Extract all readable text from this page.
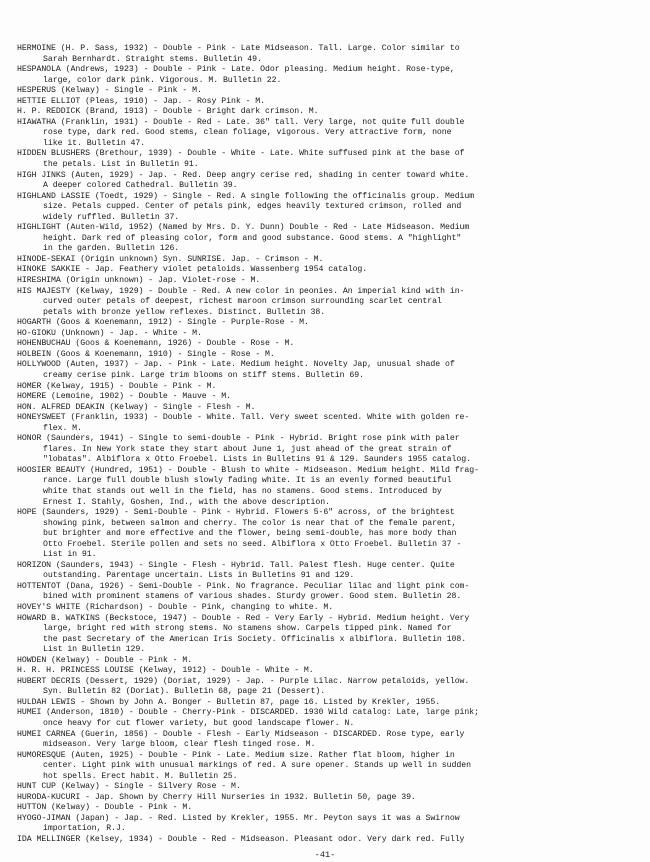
HERMOINE (H. P. Sass, 1932) - Double - Pink - Late Midseason. Tall. Large. Color similar to
Sarah Bernhardt. Straight stems. Bulletin 49.
HESPANOLA (Andrews, 1923) - Double - Pink - Late. Odor pleasing. Medium height. Rose-type,
large, color dark pink. Vigorous. M. Bulletin 22.
HESPERUS (Kelway) - Single - Pink - M.
HETTIE ELLIOT (Pleas, 1910) - Jap. - Rosy Pink - M.
H. P. REDDICK (Brand, 1913) - Double - Bright dark crimson. M.
HIAWATHA (Franklin, 1931) - Double - Red - Late. 36" tall. Very large, not quite full double
rose type, dark red. Good stems, clean foliage, vigorous. Very attractive form, none
like it. Bulletin 47.
HIDDEN BLUSHERS (Brethour, 1939) - Double - White - Late. White suffused pink at the base of
the petals. List in Bulletin 91.
HIGH JINKS (Auten, 1929) - Jap. - Red. Deep angry cerise red, shading in center toward white.
A deeper colored Cathedral. Bulletin 39.
HIGHLAND LASSIE (Toedt, 1929) - Single - Red. A single following the officinalis group. Medium
size. Petals cupped. Center of petals pink, edges heavily textured crimson, rolled and
widely ruffled. Bulletin 37.
HIGHLIGHT (Auten-Wild, 1952) (Named by Mrs. D. Y. Dunn) Double - Red - Late Midseason. Medium
height. Dark red of pleasing color, form and good substance. Good stems. A "highlight"
in the garden. Bulletin 126.
HINODE-SEKAI (Origin unknown) Syn. SUNRISE. Jap. - Crimson - M.
HINOKE SAKKIE - Jap. Feathery violet petaloids. Wassenberg 1954 catalog.
HIRESHIMA (Origin unknown) - Jap. Violet-rose - M.
HIS MAJESTY (Kelway, 1929) - Double - Red. A new color in peonies. An imperial kind with in-
curved outer petals of deepest, richest maroon crimson surrounding scarlet central
petals with bronze yellow reflexes. Distinct. Bulletin 38.
HOGARTH (Goos & Koenemann, 1912) - Single - Purple-Rose - M.
HO-GIOKU (Unknown) - Jap. - White - M.
HOHENBUCHAU (Goos & Koenemann, 1926) - Double - Rose - M.
HOLBEIN (Goos & Koenemann, 1910) - Single - Rose - M.
HOLLYWOOD (Auten, 1937) - Jap. - Pink - Late. Medium height. Novelty Jap, unusual shade of
creamy cerise pink. Large trim blooms on stiff stems. Bulletin 69.
HOMER (Kelway, 1915) - Double - Pink - M.
HOMERE (Lemoine, 1902) - Double - Mauve - M.
HON. ALFRED DEAKIN (Kelway) - Single - Flesh - M.
HONEYSWEET (Franklin, 1933) - Double - White. Tall. Very sweet scented. White with golden re-
flex. M.
HONOR (Saunders, 1941) - Single to semi-double - Pink - Hybrid. Bright rose pink with paler
flares. In New York state they start about June 1, just ahead of the great strain of
"lobatas". Albiflora x Otto Froebel. Lists in Bulletins 91 & 129. Saunders 1955 catalog.
HOOSIER BEAUTY (Hundred, 1951) - Double - Blush to white - Midseason. Medium height. Mild frag-
rance. Large full double blush slowly fading white. It is an evenly formed beautiful
white that stands out well in the field, has no stamens. Good stems. Introduced by
Ernest I. Stahly, Goshen, Ind., with the above description.
HOPE (Saunders, 1929) - Semi-Double - Pink - Hybrid. Flowers 5-6" across, of the brightest
showing pink, between salmon and cherry. The color is near that of the female parent,
but brighter and more effective and the flower, being semi-double, has more body than
Otto Froebel. Sterile pollen and sets no seed. Albiflora x Otto Froebel. Bulletin 37 -
List in 91.
HORIZON (Saunders, 1943) - Single - Flesh - Hybrid. Tall. Palest flesh. Huge center. Quite
outstanding. Parentage uncertain. Lists in Bulletins 91 and 129.
HOTTENTOT (Dana, 1926) - Semi-Double - Pink. No fragrance. Peculiar lilac and light pink com-
bined with prominent stamens of various shades. Sturdy grower. Good stem. Bulletin 28.
HOVEY'S WHITE (Richardson) - Double - Pink, changing to white. M.
HOWARD B. WATKINS (Beckstoce, 1947) - Double - Red - Very Early - Hybrid. Medium height. Very
large, bright red with strong stems. No stamens show. Carpels tipped pink. Named for
the past Secretary of the American Iris Society. Officinalis x albiflora. Bulletin 108.
List in Bulletin 129.
HOWDEN (Kelway) - Double - Pink - M.
H. R. H. PRINCESS LOUISE (Kelway, 1912) - Double - White - M.
HUBERT DECRIS (Dessert, 1929) (Doriat, 1929) - Jap. - Purple Lilac. Narrow petaloids, yellow.
Syn. Bulletin 82 (Doriat). Bulletin 68, page 21 (Dessert).
HULDAH LEWIS - Shown by John A. Bonger - Bulletin 87, page 16. Listed by Krekler, 1955.
HUMEI (Anderson, 1810) - Double - Cherry-Pink - DISCARDED. 1930 Wild catalog: Late, large pink;
once heavy for cut flower variety, but good landscape flower. N.
HUMEI CARNEA (Guerin, 1856) - Double - Flesh - Early Midseason - DISCARDED. Rose type, early
midseason. Very large bloom, clear flesh tinged rose. M.
HUMORESQUE (Auten, 1925) - Double - Pink - Late. Medium size. Rather flat bloom, higher in
center. Light pink with unusual markings of red. A sure opener. Stands up well in sudden
hot spells. Erect habit. M. Bulletin 25.
HUNT CUP (Kelway) - Single - Silvery Rose - M.
HURODA-KUCURI - Jap. Shown by Cherry Hill Nurseries in 1932. Bulletin 50, page 39.
HUTTON (Kelway) - Double - Pink - M.
HYOGO-JIMAN (Japan) - Jap. - Red. Listed by Krekler, 1955. Mr. Peyton says it was a Swirnow
importation, R.J.
IDA MELLINGER (Kelsey, 1934) - Double - Red - Midseason. Pleasant odor. Very dark red. Fully
-41-
